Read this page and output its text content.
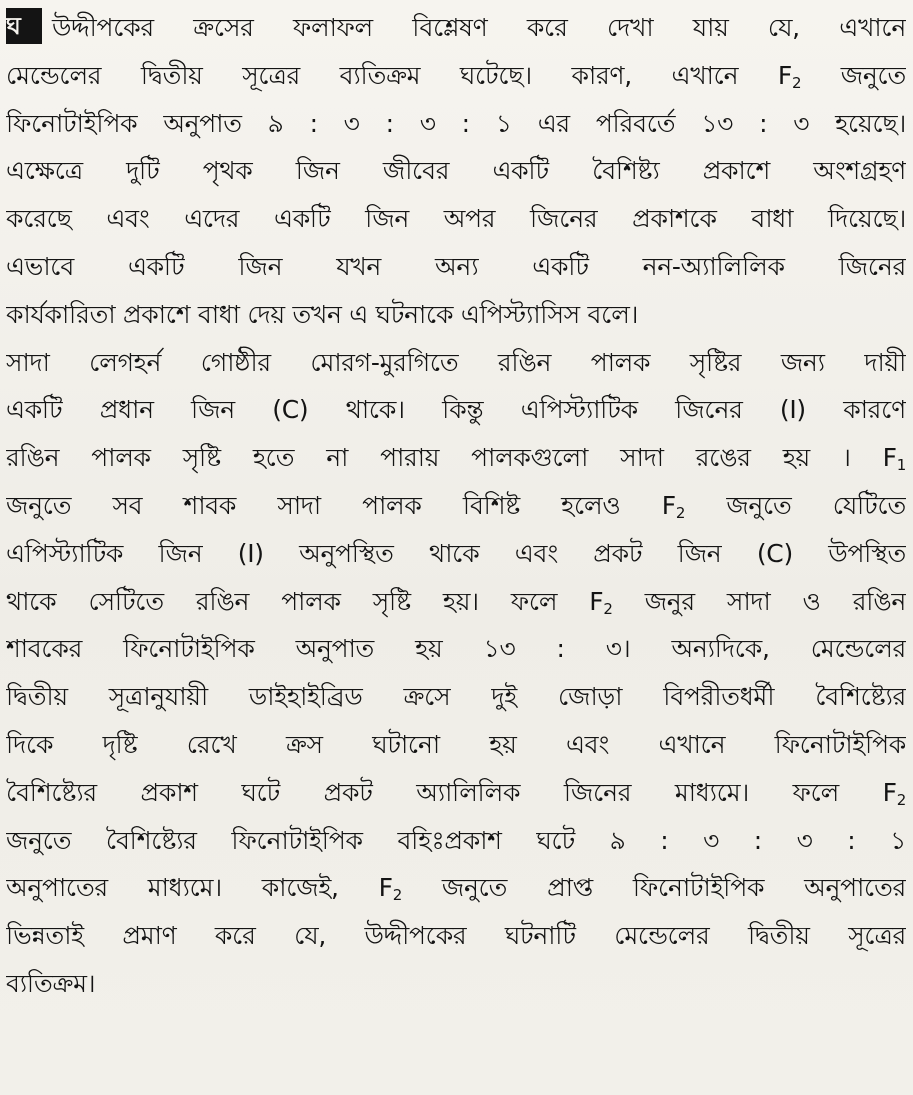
ঘ উদ্দীপকের ক্রসের ফলাফল বিশ্লেষণ করে দেখা যায় যে, এখানে
মেন্ডেলের দ্বিতীয় সূত্রের ব্যতিক্রম ঘটেছে। কারণ, এখানে $F_2$ জনুতে
ফিনোটাইপিক অনুপাত ৯ : ৩ : ৩ : ১ এর পরিবর্তে ১৩ : ৩ হয়েছে।
এক্ষেত্রে দুটি পৃথক জিন জীবের একটি বৈশিষ্ট্য প্রকাশে অংশগ্রহণ
করেছে এবং এদের একটি জিন অপর জিনের প্রকাশকে বাধা দিয়েছে।
এভাবে একটি জিন যখন অন্য একটি নন-অ্যালিলিক জিনের
কার্যকারিতা প্রকাশে বাধা দেয় তখন এ ঘটনাকে এপিস্ট্যাসিস বলে।
সাদা লেগহর্ন গোষ্ঠীর মোরগ-মুরগিতে রঙিন পালক সৃষ্টির জন্য দায়ী
একটি প্রধান জিন (C) থাকে। কিন্তু এপিস্ট্যাটিক জিনের (I) কারণে
রঙিন পালক সৃষ্টি হতে না পারায় পালকগুলো সাদা রঙের হয় । $F_1$
জনুতে সব শাবক সাদা পালক বিশিষ্ট হলেও $F_2$ জনুতে যেটিতে
এপিস্ট্যাটিক জিন (I) অনুপস্থিত থাকে এবং প্রকট জিন (C) উপস্থিত
থাকে সেটিতে রঙিন পালক সৃষ্টি হয়। ফলে $F_2$ জনুর সাদা ও রঙিন
শাবকের ফিনোটাইপিক অনুপাত হয় ১৩ : ৩। অন্যদিকে, মেন্ডেলের
দ্বিতীয় সূত্রানুযায়ী ডাইহাইব্রিড ক্রসে দুই জোড়া বিপরীতধর্মী বৈশিষ্ট্যের
দিকে দৃষ্টি রেখে ক্রস ঘটানো হয় এবং এখানে ফিনোটাইপিক
বৈশিষ্ট্যের প্রকাশ ঘটে প্রকট অ্যালিলিক জিনের মাধ্যমে। ফলে $F_2$
জনুতে বৈশিষ্ট্যের ফিনোটাইপিক বহিঃপ্রকাশ ঘটে ৯ : ৩ : ৩ : ১
অনুপাতের মাধ্যমে। কাজেই, $F_2$ জনুতে প্রাপ্ত ফিনোটাইপিক অনুপাতের
ভিন্নতাই প্রমাণ করে যে, উদ্দীপকের ঘটনাটি মেন্ডেলের দ্বিতীয় সূত্রের
ব্যতিক্রম।
